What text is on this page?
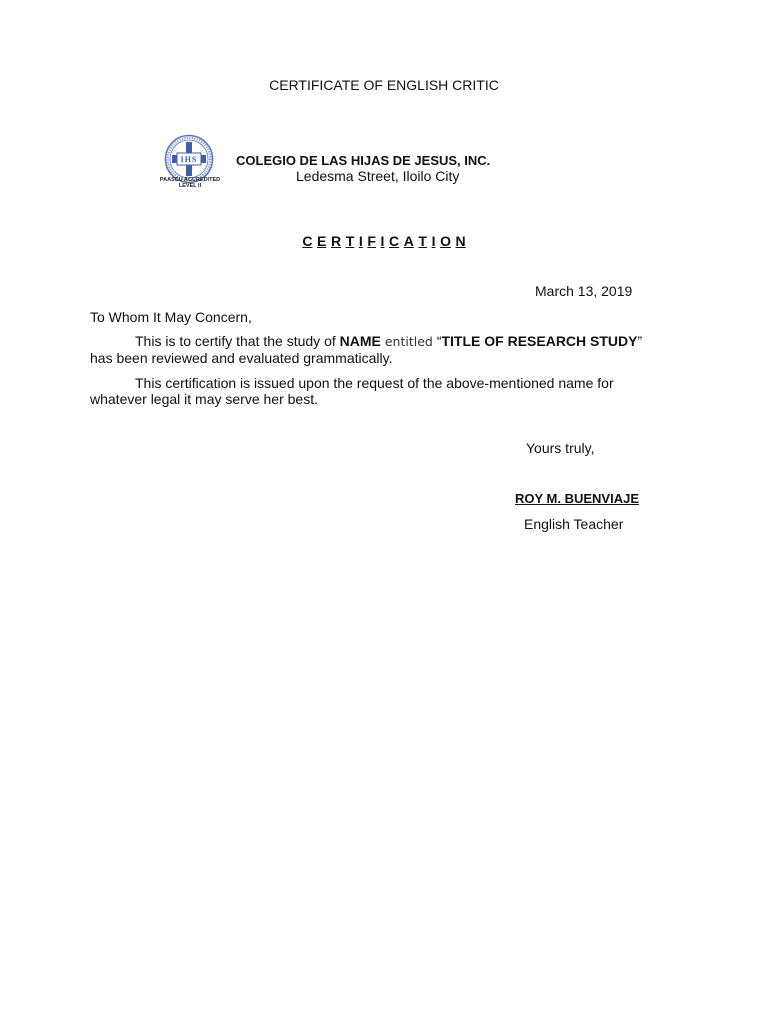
CERTIFICATE OF ENGLISH CRITIC
IHS
PAASCU ACCREDITED
LEVEL II
COLEGIO DE LAS HIJAS DE JESUS, INC.
Ledesma Street, Iloilo City
C E R T I F I C A T I O N
March 13, 2019
To Whom It May Concern,
This is to certify that the study of NAME entitled “TITLE OF RESEARCH STUDY”
has been reviewed and evaluated grammatically.
This certification is issued upon the request of the above-mentioned name for
whatever legal it may serve her best.
Yours truly,
ROY M. BUENVIAJE
English Teacher
